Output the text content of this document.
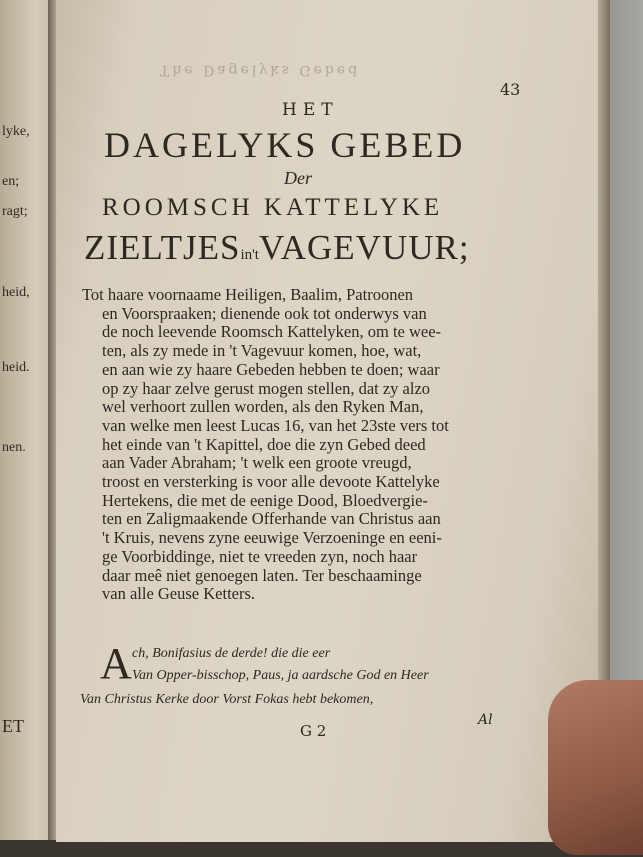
lyke,
en;
ragt;
heid,
heid.
nen.
ET
The Dagelyks Gebed
43
HET
DAGELYKS GEBED
Der
ROOMSCH KATTELYKE
ZIELTJESin'tVAGEVUUR;
Tot haare voornaame Heiligen, Baalim, Patroonen
en Voorspraaken; dienende ook tot onderwys van
de noch leevende Roomsch Kattelyken, om te wee-
ten, als zy mede in 't Vagevuur komen, hoe, wat,
en aan wie zy haare Gebeden hebben te doen; waar
op zy haar zelve gerust mogen stellen, dat zy alzo
wel verhoort zullen worden, als den Ryken Man,
van welke men leest Lucas 16, van het 23ste vers tot
het einde van 't Kapittel, doe die zyn Gebed deed
aan Vader Abraham; 't welk een groote vreugd,
troost en versterking is voor alle devoote Kattelyke
Hertekens, die met de eenige Dood, Bloedvergie-
ten en Zaligmaakende Offerhande van Christus aan
't Kruis, nevens zyne eeuwige Verzoeninge en eeni-
ge Voorbiddinge, niet te vreeden zyn, noch haar
daar meê niet genoegen laten. Ter beschaaminge
van alle Geuse Ketters.
A ch, Bonifasius de derde! die die eer
Van Opper-bisschop, Paus, ja aardsche God en Heer
Van Christus Kerke door Vorst Fokas hebt bekomen,
G 2
Al
